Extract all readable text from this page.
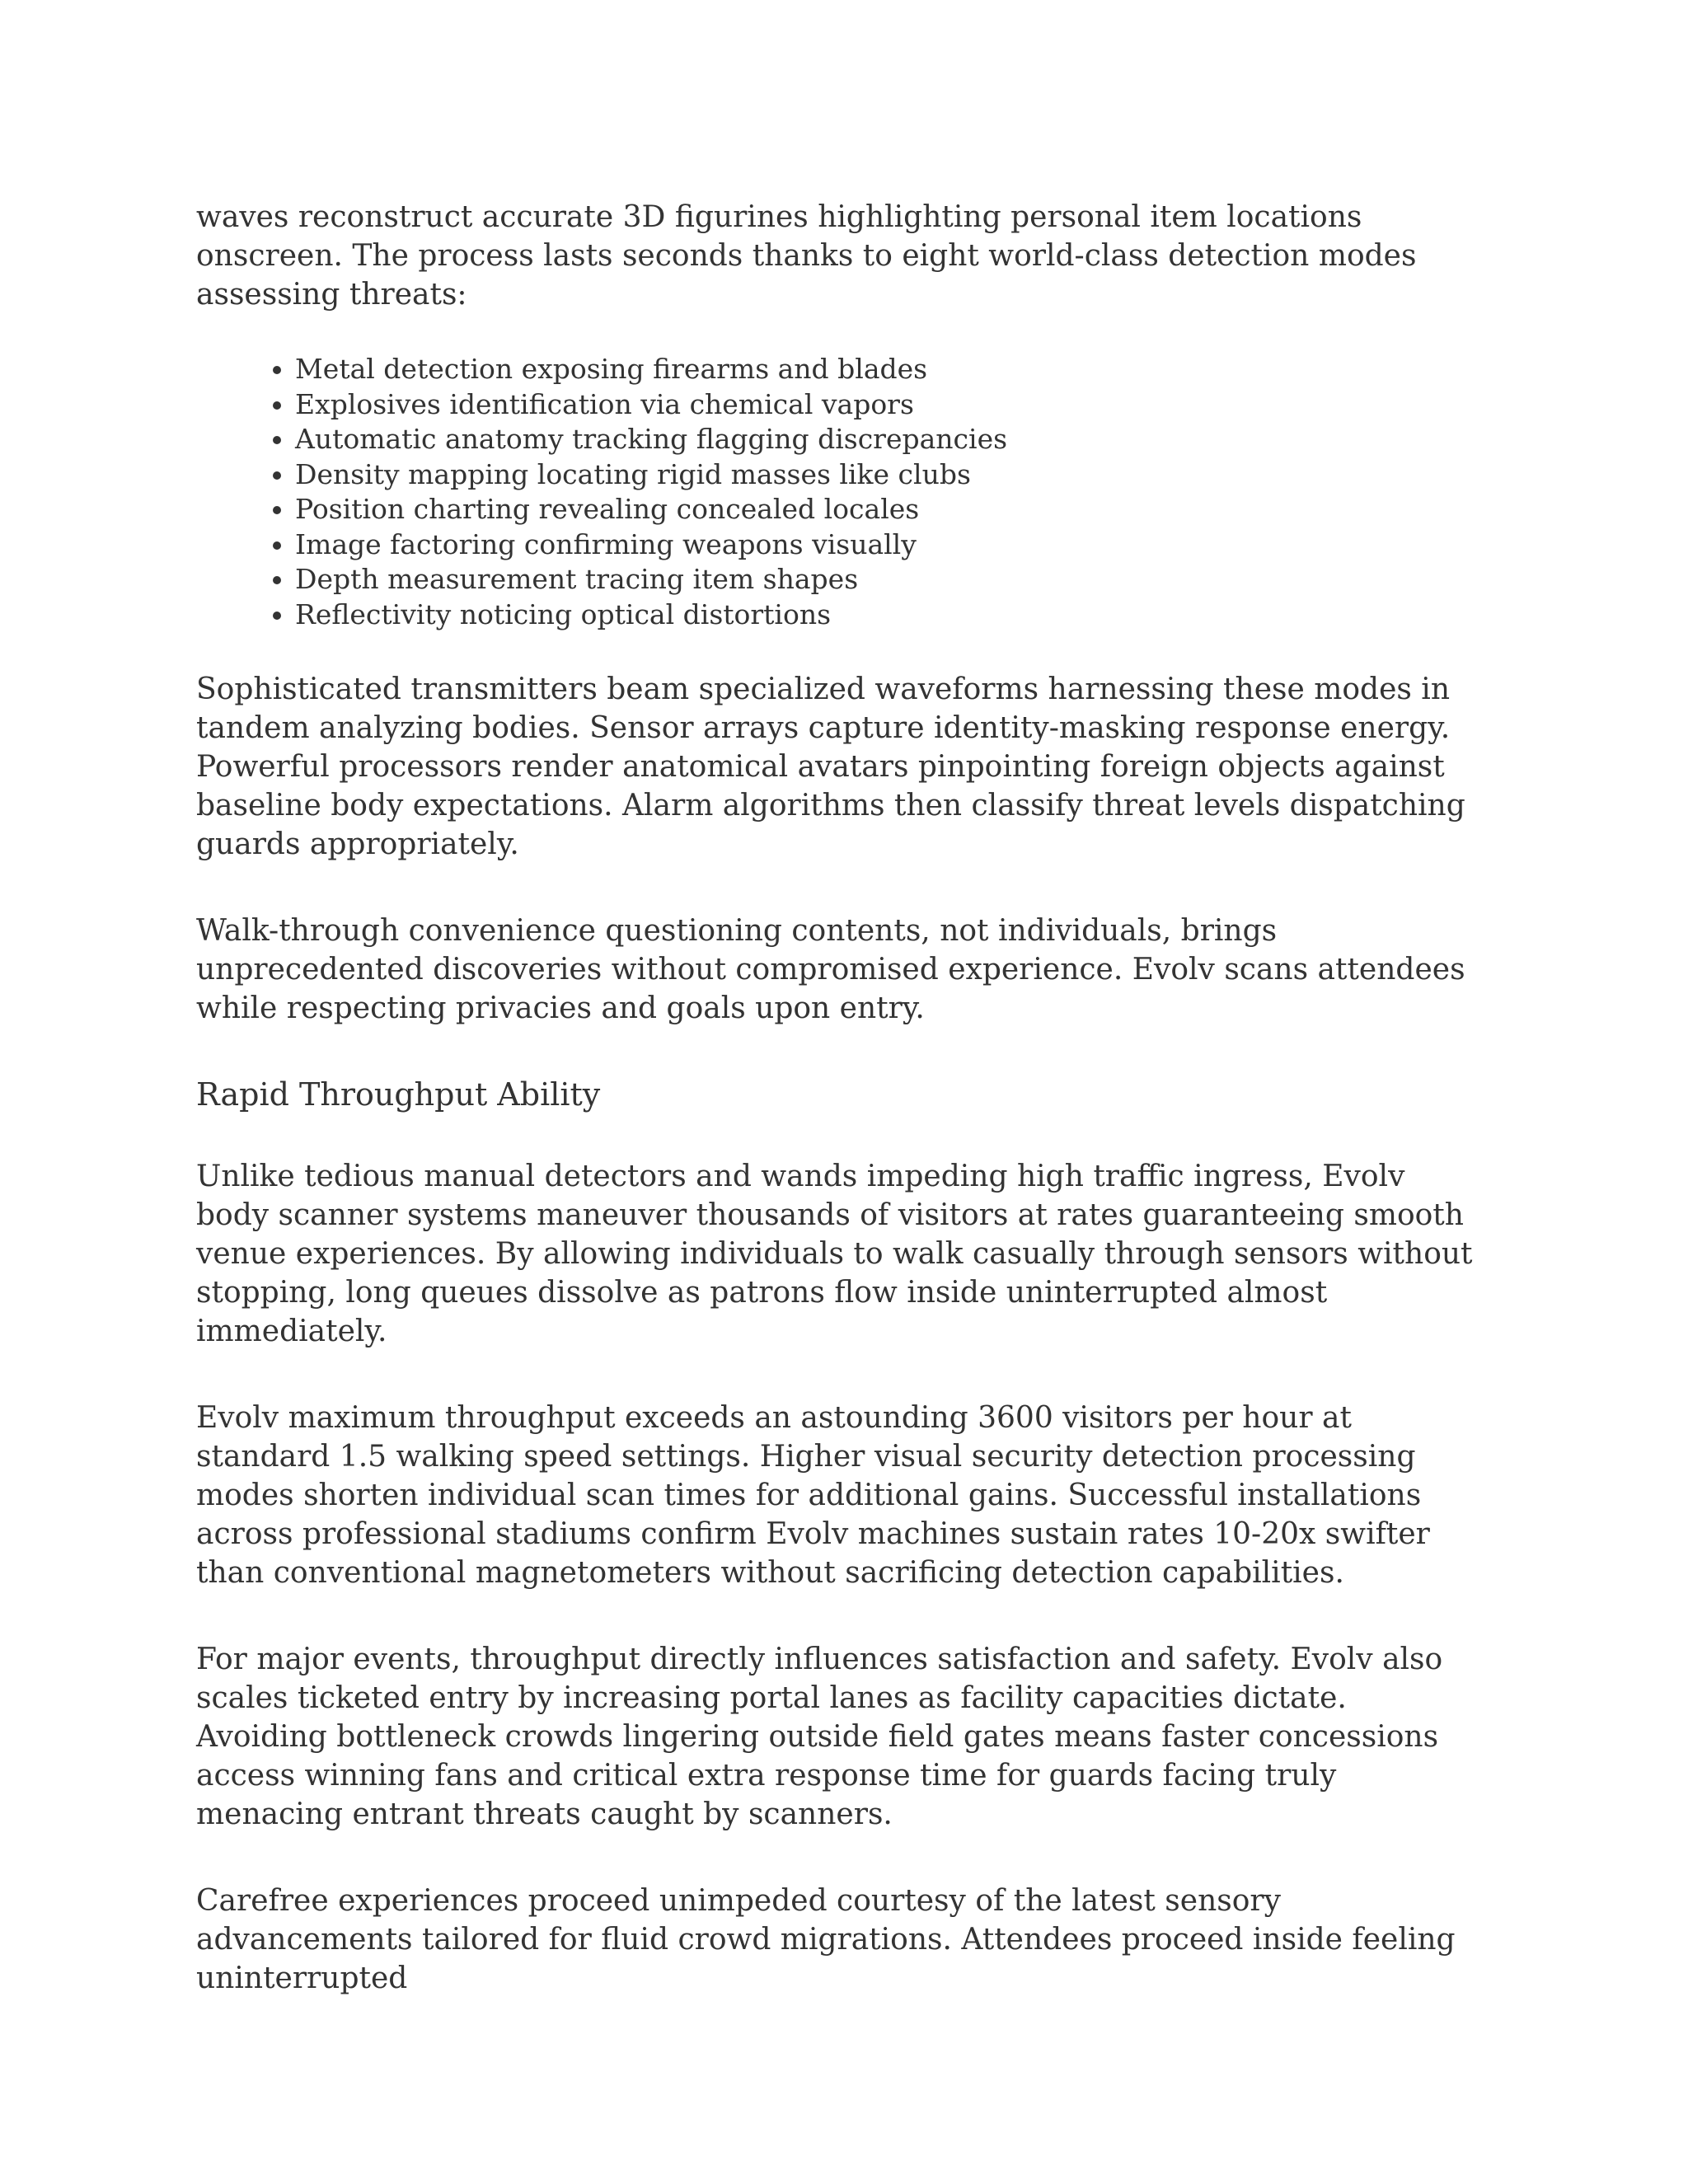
waves reconstruct accurate 3D figurines highlighting personal item locations onscreen. The process lasts seconds thanks to eight world-class detection modes assessing threats:

• Metal detection exposing firearms and blades
• Explosives identification via chemical vapors
• Automatic anatomy tracking flagging discrepancies
• Density mapping locating rigid masses like clubs
• Position charting revealing concealed locales
• Image factoring confirming weapons visually
• Depth measurement tracing item shapes
• Reflectivity noticing optical distortions

Sophisticated transmitters beam specialized waveforms harnessing these modes in tandem analyzing bodies. Sensor arrays capture identity-masking response energy. Powerful processors render anatomical avatars pinpointing foreign objects against baseline body expectations. Alarm algorithms then classify threat levels dispatching guards appropriately.

Walk-through convenience questioning contents, not individuals, brings unprecedented discoveries without compromised experience. Evolv scans attendees while respecting privacies and goals upon entry.

Rapid Throughput Ability

Unlike tedious manual detectors and wands impeding high traffic ingress, Evolv body scanner systems maneuver thousands of visitors at rates guaranteeing smooth venue experiences. By allowing individuals to walk casually through sensors without stopping, long queues dissolve as patrons flow inside uninterrupted almost immediately.

Evolv maximum throughput exceeds an astounding 3600 visitors per hour at standard 1.5 walking speed settings. Higher visual security detection processing modes shorten individual scan times for additional gains. Successful installations across professional stadiums confirm Evolv machines sustain rates 10-20x swifter than conventional magnetometers without sacrificing detection capabilities.

For major events, throughput directly influences satisfaction and safety. Evolv also scales ticketed entry by increasing portal lanes as facility capacities dictate. Avoiding bottleneck crowds lingering outside field gates means faster concessions access winning fans and critical extra response time for guards facing truly menacing entrant threats caught by scanners.

Carefree experiences proceed unimpeded courtesy of the latest sensory advancements tailored for fluid crowd migrations. Attendees proceed inside feeling uninterrupted
